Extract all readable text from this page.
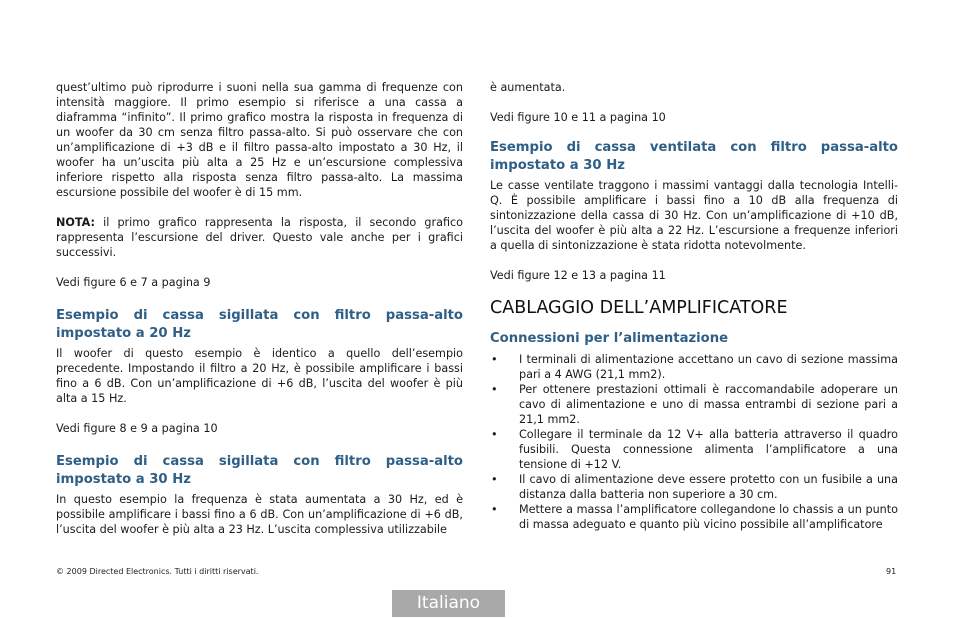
quest’ultimo può riprodurre i suoni nella sua gamma di frequenze con intensità maggiore. Il primo esempio si riferisce a una cassa a diaframma “infinito”. Il primo grafico mostra la risposta in frequenza di un woofer da 30 cm senza filtro passa-alto. Si può osservare che con un’amplificazione di +3 dB e il filtro passa-alto impostato a 30 Hz, il woofer ha un’uscita più alta a 25 Hz e un’escursione complessiva inferiore rispetto alla risposta senza filtro passa-alto. La massima escursione possibile del woofer è di 15 mm.

NOTA: il primo grafico rappresenta la risposta, il secondo grafico rappresenta l’escursione del driver. Questo vale anche per i grafici successivi.

Vedi figure 6 e 7 a pagina 9

Esempio di cassa sigillata con filtro passa-alto impostato a 20 Hz

Il woofer di questo esempio è identico a quello dell’esempio precedente. Impostando il filtro a 20 Hz, è possibile amplificare i bassi fino a 6 dB. Con un’amplificazione di +6 dB, l’uscita del woofer è più alta a 15 Hz.

Vedi figure 8 e 9 a pagina 10

Esempio di cassa sigillata con filtro passa-alto impostato a 30 Hz

In questo esempio la frequenza è stata aumentata a 30 Hz, ed è possibile amplificare i bassi fino a 6 dB. Con un’amplificazione di +6 dB, l’uscita del woofer è più alta a 23 Hz. L’uscita complessiva utilizzabile

è aumentata.

Vedi figure 10 e 11 a pagina 10

Esempio di cassa ventilata con filtro passa-alto impostato a 30 Hz

Le casse ventilate traggono i massimi vantaggi dalla tecnologia Intelli-Q. È possibile amplificare i bassi fino a 10 dB alla frequenza di sintonizzazione della cassa di 30 Hz. Con un’amplificazione di +10 dB, l’uscita del woofer è più alta a 22 Hz. L’escursione a frequenze inferiori a quella di sintonizzazione è stata ridotta notevolmente.

Vedi figure 12 e 13 a pagina 11

CABLAGGIO DELL’AMPLIFICATORE
Connessioni per l’alimentazione
• I terminali di alimentazione accettano un cavo di sezione massima pari a 4 AWG (21,1 mm2).
• Per ottenere prestazioni ottimali è raccomandabile adoperare un cavo di alimentazione e uno di massa entrambi di sezione pari a 21,1 mm2.
• Collegare il terminale da 12 V+ alla batteria attraverso il quadro fusibili. Questa connessione alimenta l’amplificatore a una tensione di +12 V.
• Il cavo di alimentazione deve essere protetto con un fusibile a una distanza dalla batteria non superiore a 30 cm.
• Mettere a massa l’amplificatore collegandone lo chassis a un punto di massa adeguato e quanto più vicino possibile all’amplificatore
© 2009 Directed Electronics. Tutti i diritti riservati.	91
Italiano
